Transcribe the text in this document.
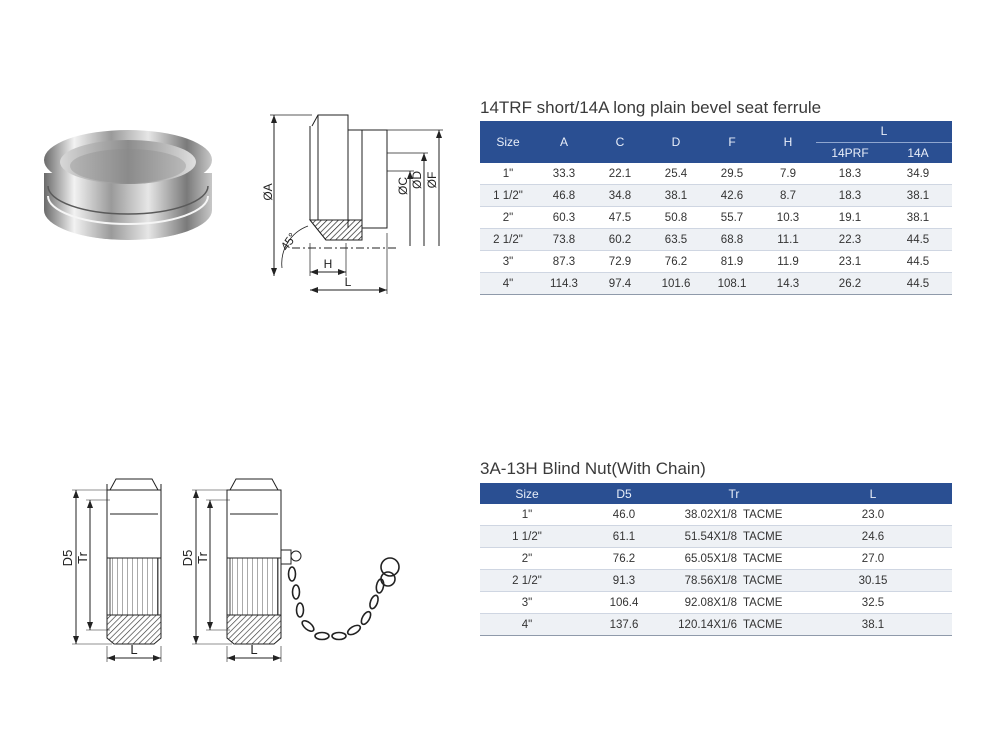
ØA	ØC ØD ØF
45°
H
L
14TRF short/14A long plain bevel seat ferrule
Size	A	C	D	F	H	L	
						14PRF	14A
1"	33.3	22.1	25.4	29.5	7.9	18.3	34.9
1 1/2"	46.8	34.8	38.1	42.6	8.7	18.3	38.1
2"	60.3	47.5	50.8	55.7	10.3	19.1	38.1
2 1/2"	73.8	60.2	63.5	68.8	11.1	22.3	44.5
3"	87.3	72.9	76.2	81.9	11.9	23.1	44.5
4"	114.3	97.4	101.6	108.1	14.3	26.2	44.5
D5 Tr
L
D5 Tr
L
3A-13H Blind Nut(With Chain)
Size	D5	Tr		L
1"	46.0	38.02X1/8	TACME	23.0
1 1/2"	61.1	51.54X1/8	TACME	24.6
2"	76.2	65.05X1/8	TACME	27.0
2 1/2"	91.3	78.56X1/8	TACME	30.15
3"	106.4	92.08X1/8	TACME	32.5
4"	137.6	120.14X1/6	TACME	38.1
